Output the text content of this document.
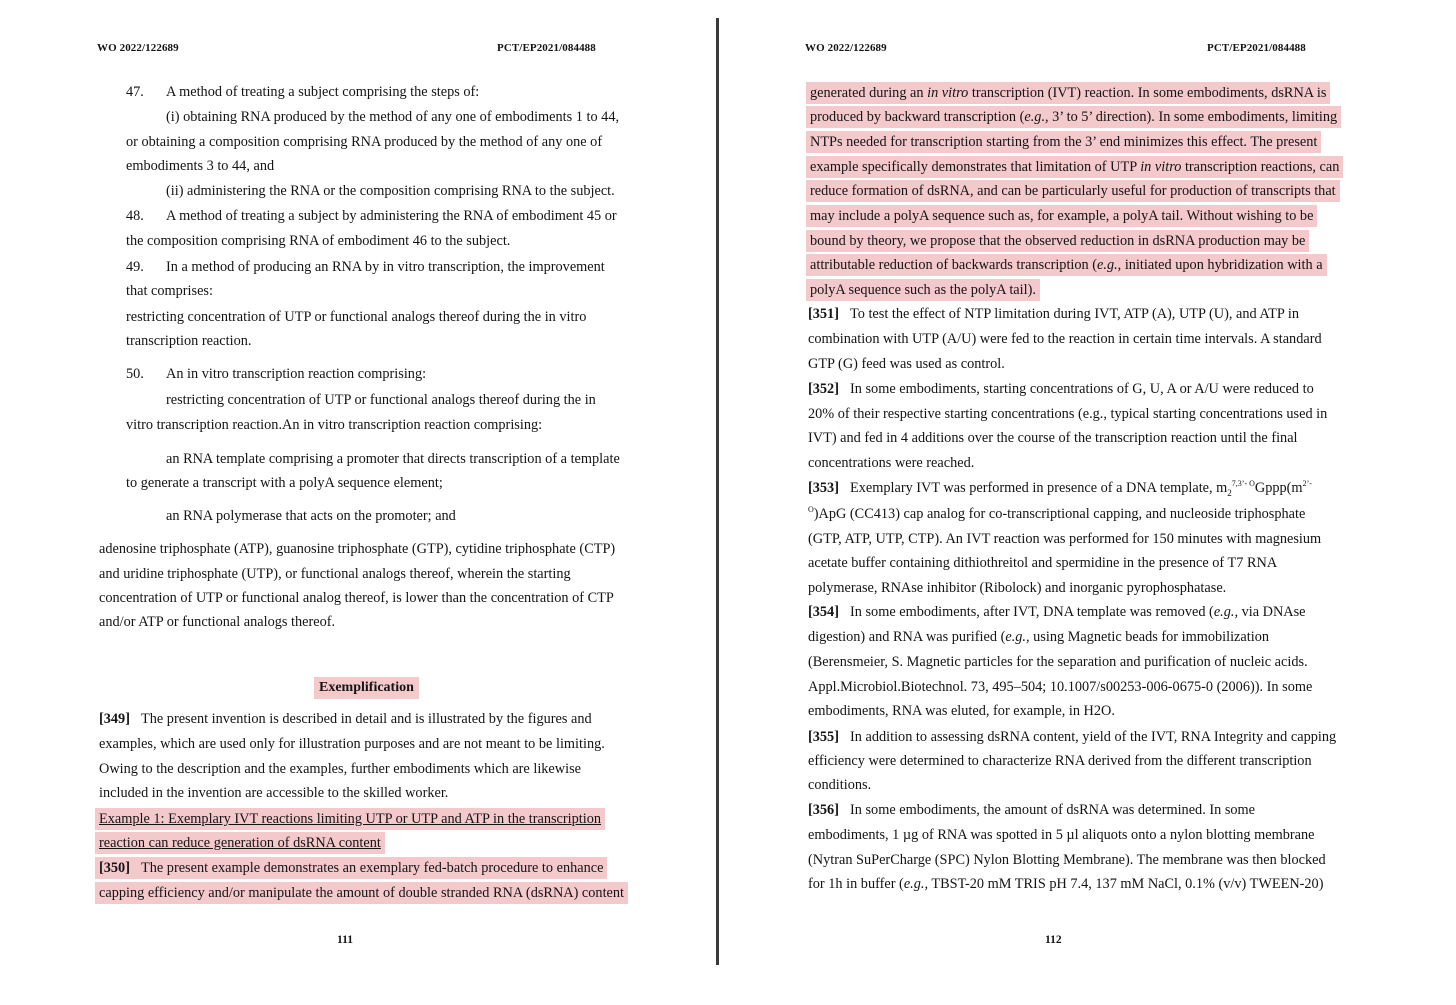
WO 2022/122689	PCT/EP2021/084488

47. A method of treating a subject comprising the steps of:

(i) obtaining RNA produced by the method of any one of embodiments 1 to 44,

or obtaining a composition comprising RNA produced by the method of any one of

embodiments 3 to 44, and

(ii) administering the RNA or the composition comprising RNA to the subject.

48. A method of treating a subject by administering the RNA of embodiment 45 or

the composition comprising RNA of embodiment 46 to the subject.

49. In a method of producing an RNA by in vitro transcription, the improvement

that comprises:

restricting concentration of UTP or functional analogs thereof during the in vitro

transcription reaction.

50. An in vitro transcription reaction comprising:

restricting concentration of UTP or functional analogs thereof during the in

vitro transcription reaction.An in vitro transcription reaction comprising:

an RNA template comprising a promoter that directs transcription of a template

to generate a transcript with a polyA sequence element;

an RNA polymerase that acts on the promoter; and

adenosine triphosphate (ATP), guanosine triphosphate (GTP), cytidine triphosphate (CTP)

and uridine triphosphate (UTP), or functional analogs thereof, wherein the starting

concentration of UTP or functional analog thereof, is lower than the concentration of CTP

and/or ATP or functional analogs thereof.

Exemplification

[349] The present invention is described in detail and is illustrated by the figures and

examples, which are used only for illustration purposes and are not meant to be limiting.

Owing to the description and the examples, further embodiments which are likewise

included in the invention are accessible to the skilled worker.

Example 1: Exemplary IVT reactions limiting UTP or UTP and ATP in the transcription

reaction can reduce generation of dsRNA content

[350] The present example demonstrates an exemplary fed-batch procedure to enhance

capping efficiency and/or manipulate the amount of double stranded RNA (dsRNA) content

111
WO 2022/122689	PCT/EP2021/084488

generated during an in vitro transcription (IVT) reaction. In some embodiments, dsRNA is

produced by backward transcription (e.g., 3’ to 5’ direction). In some embodiments, limiting

NTPs needed for transcription starting from the 3’ end minimizes this effect. The present

example specifically demonstrates that limitation of UTP in vitro transcription reactions, can

reduce formation of dsRNA, and can be particularly useful for production of transcripts that

may include a polyA sequence such as, for example, a polyA tail. Without wishing to be

bound by theory, we propose that the observed reduction in dsRNA production may be

attributable reduction of backwards transcription (e.g., initiated upon hybridization with a

polyA sequence such as the polyA tail).

[351] To test the effect of NTP limitation during IVT, ATP (A), UTP (U), and ATP in

combination with UTP (A/U) were fed to the reaction in certain time intervals. A standard

GTP (G) feed was used as control.

[352] In some embodiments, starting concentrations of G, U, A or A/U were reduced to

20% of their respective starting concentrations (e.g., typical starting concentrations used in

IVT) and fed in 4 additions over the course of the transcription reaction until the final

concentrations were reached.

[353] Exemplary IVT was performed in presence of a DNA template, $m_2^{7,3’- O}Gppp(m^{2’-}$

$^O$)ApG (CC413) cap analog for co-transcriptional capping, and nucleoside triphosphate

(GTP, ATP, UTP, CTP). An IVT reaction was performed for 150 minutes with magnesium

acetate buffer containing dithiothreitol and spermidine in the presence of T7 RNA

polymerase, RNAse inhibitor (Ribolock) and inorganic pyrophosphatase.

[354] In some embodiments, after IVT, DNA template was removed (e.g., via DNAse

digestion) and RNA was purified (e.g., using Magnetic beads for immobilization

(Berensmeier, S. Magnetic particles for the separation and purification of nucleic acids.

Appl.Microbiol.Biotechnol. 73, 495–504; 10.1007/s00253-006-0675-0 (2006)). In some

embodiments, RNA was eluted, for example, in H2O.

[355] In addition to assessing dsRNA content, yield of the IVT, RNA Integrity and capping

efficiency were determined to characterize RNA derived from the different transcription

conditions.

[356] In some embodiments, the amount of dsRNA was determined. In some

embodiments, 1 µg of RNA was spotted in 5 µl aliquots onto a nylon blotting membrane

(Nytran SuPerCharge (SPC) Nylon Blotting Membrane). The membrane was then blocked

for 1h in buffer (e.g., TBST-20 mM TRIS pH 7.4, 137 mM NaCl, 0.1% (v/v) TWEEN-20)

112
